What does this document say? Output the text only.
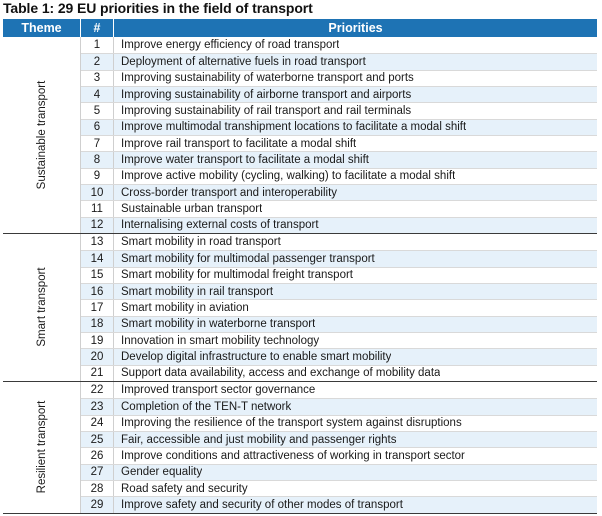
Table 1: 29 EU priorities in the field of transport
Theme	#	Priorities
Sustainable transport
1	Improve energy efficiency of road transport
2	Deployment of alternative fuels in road transport
3	Improving sustainability of waterborne transport and ports
4	Improving sustainability of airborne transport and airports
5	Improving sustainability of rail transport and rail terminals
6	Improve multimodal transhipment locations to facilitate a modal shift
7	Improve rail transport to facilitate a modal shift
8	Improve water transport to facilitate a modal shift
9	Improve active mobility (cycling, walking) to facilitate a modal shift
10	Cross-border transport and interoperability
11	Sustainable urban transport
12	Internalising external costs of transport
Smart transport
13	Smart mobility in road transport
14	Smart mobility for multimodal passenger transport
15	Smart mobility for multimodal freight transport
16	Smart mobility in rail transport
17	Smart mobility in aviation
18	Smart mobility in waterborne transport
19	Innovation in smart mobility technology
20	Develop digital infrastructure to enable smart mobility
21	Support data availability, access and exchange of mobility data
Resilient transport
22	Improved transport sector governance
23	Completion of the TEN-T network
24	Improving the resilience of the transport system against disruptions
25	Fair, accessible and just mobility and passenger rights
26	Improve conditions and attractiveness of working in transport sector
27	Gender equality
28	Road safety and security
29	Improve safety and security of other modes of transport
